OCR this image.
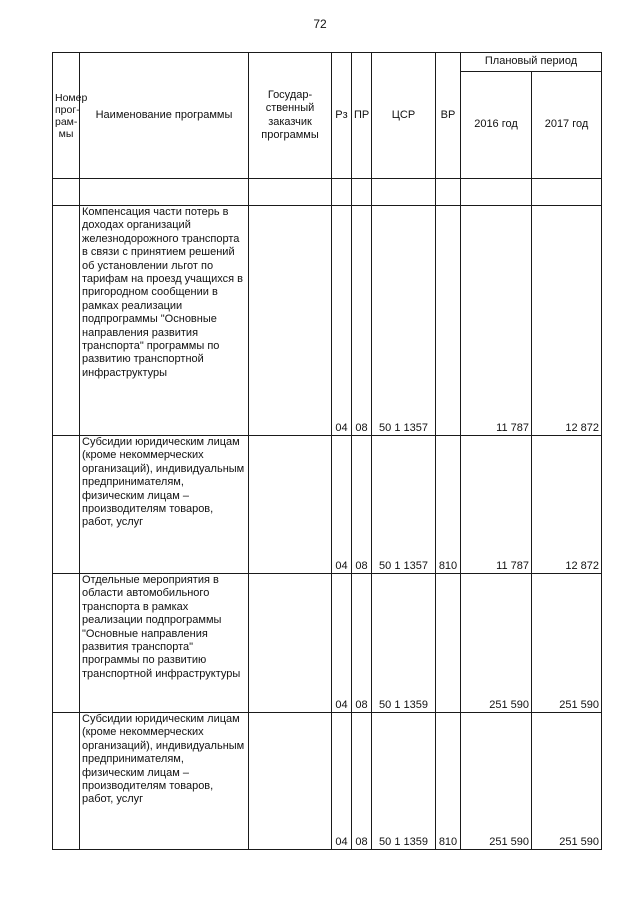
72
Номер прог-рам-мы	Наименование программы	Государ-ственный заказчик программы	Рз	ПР	ЦСР	ВР	Плановый период	
							2016 год	2017 год

	Компенсация части потерь в доходах организаций железнодорожного транспорта в связи с принятием решений об установлении льгот по тарифам на проезд учащихся в пригородном сообщении в рамках реализации подпрограммы "Основные направления развития транспорта" программы по развитию транспортной инфраструктуры		04	08	50 1 1357		11 787	12 872
	Субсидии юридическим лицам (кроме некоммерческих организаций), индивидуальным предпринимателям, физическим лицам – производителям товаров, работ, услуг		04	08	50 1 1357	810	11 787	12 872
	Отдельные мероприятия в области автомобильного транспорта в рамках реализации подпрограммы "Основные направления развития транспорта" программы по развитию транспортной инфраструктуры		04	08	50 1 1359		251 590	251 590
	Субсидии юридическим лицам (кроме некоммерческих организаций), индивидуальным предпринимателям, физическим лицам – производителям товаров, работ, услуг		04	08	50 1 1359	810	251 590	251 590
